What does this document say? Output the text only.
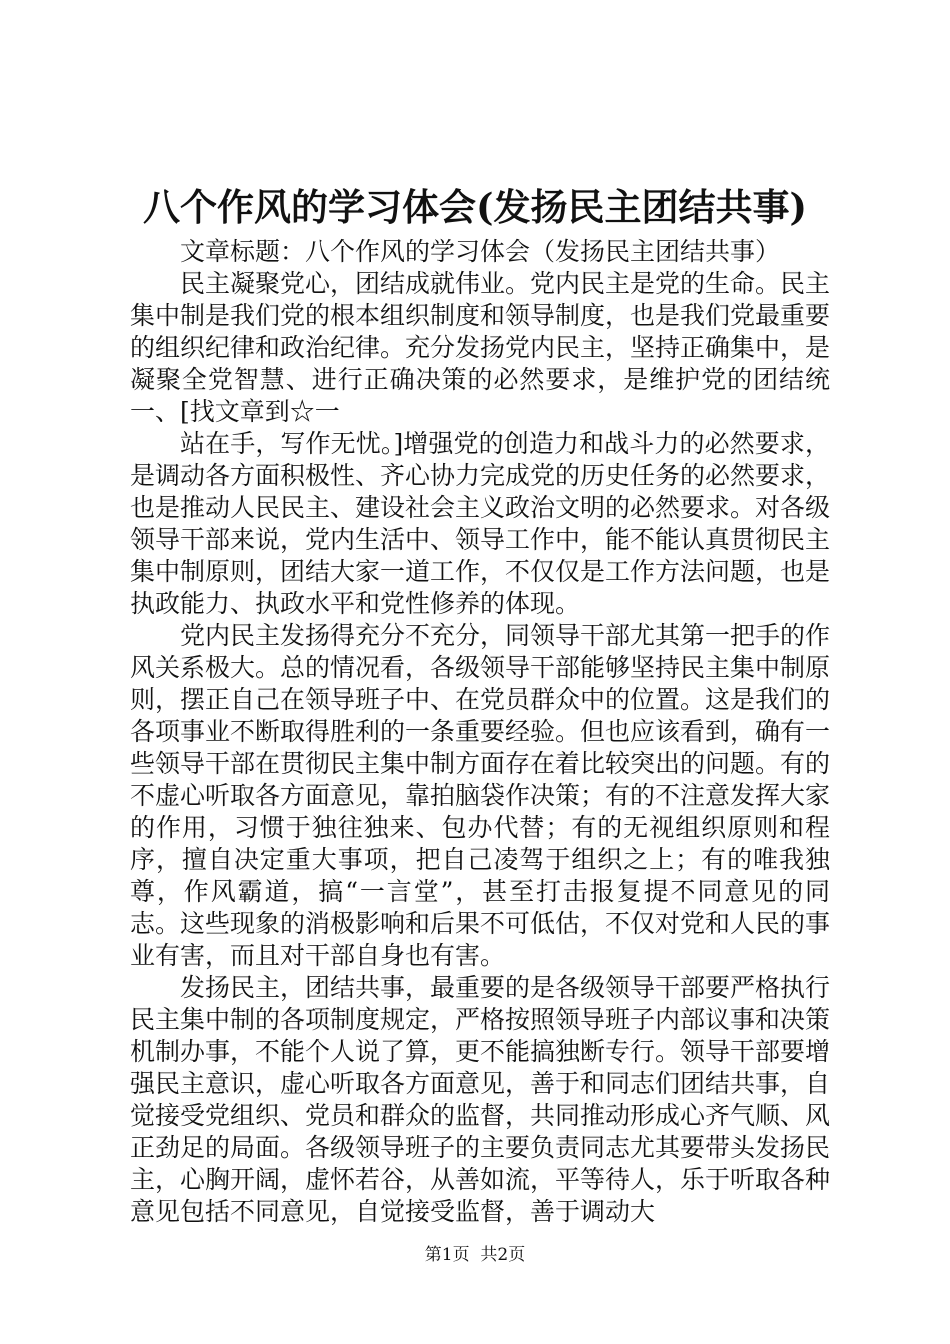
八个作风的学习体会(发扬民主团结共事)

文章标题：八个作风的学习体会（发扬民主团结共事）

民主凝聚党心，团结成就伟业。党内民主是党的生命。民主集中制是我们党的根本组织制度和领导制度，也是我们党最重要的组织纪律和政治纪律。充分发扬党内民主，坚持正确集中，是凝聚全党智慧、进行正确决策的必然要求，是维护党的团结统一、[找文章到☆一

站在手，写作无忧。]增强党的创造力和战斗力的必然要求，是调动各方面积极性、齐心协力完成党的历史任务的必然要求，也是推动人民民主、建设社会主义政治文明的必然要求。对各级领导干部来说，党内生活中、领导工作中，能不能认真贯彻民主集中制原则，团结大家一道工作，不仅仅是工作方法问题，也是执政能力、执政水平和党性修养的体现。

党内民主发扬得充分不充分，同领导干部尤其第一把手的作风关系极大。总的情况看，各级领导干部能够坚持民主集中制原则，摆正自己在领导班子中、在党员群众中的位置。这是我们的各项事业不断取得胜利的一条重要经验。但也应该看到，确有一些领导干部在贯彻民主集中制方面存在着比较突出的问题。有的不虚心听取各方面意见，靠拍脑袋作决策；有的不注意发挥大家的作用，习惯于独往独来、包办代替；有的无视组织原则和程序，擅自决定重大事项，把自己凌驾于组织之上；有的唯我独尊，作风霸道，搞“一言堂”，甚至打击报复提不同意见的同志。这些现象的消极影响和后果不可低估，不仅对党和人民的事业有害，而且对干部自身也有害。

发扬民主，团结共事，最重要的是各级领导干部要严格执行民主集中制的各项制度规定，严格按照领导班子内部议事和决策机制办事，不能个人说了算，更不能搞独断专行。领导干部要增强民主意识，虚心听取各方面意见，善于和同志们团结共事，自觉接受党组织、党员和群众的监督，共同推动形成心齐气顺、风正劲足的局面。各级领导班子的主要负责同志尤其要带头发扬民主，心胸开阔，虚怀若谷，从善如流，平等待人，乐于听取各种意见包括不同意见，自觉接受监督，善于调动大

第1页 共2页
